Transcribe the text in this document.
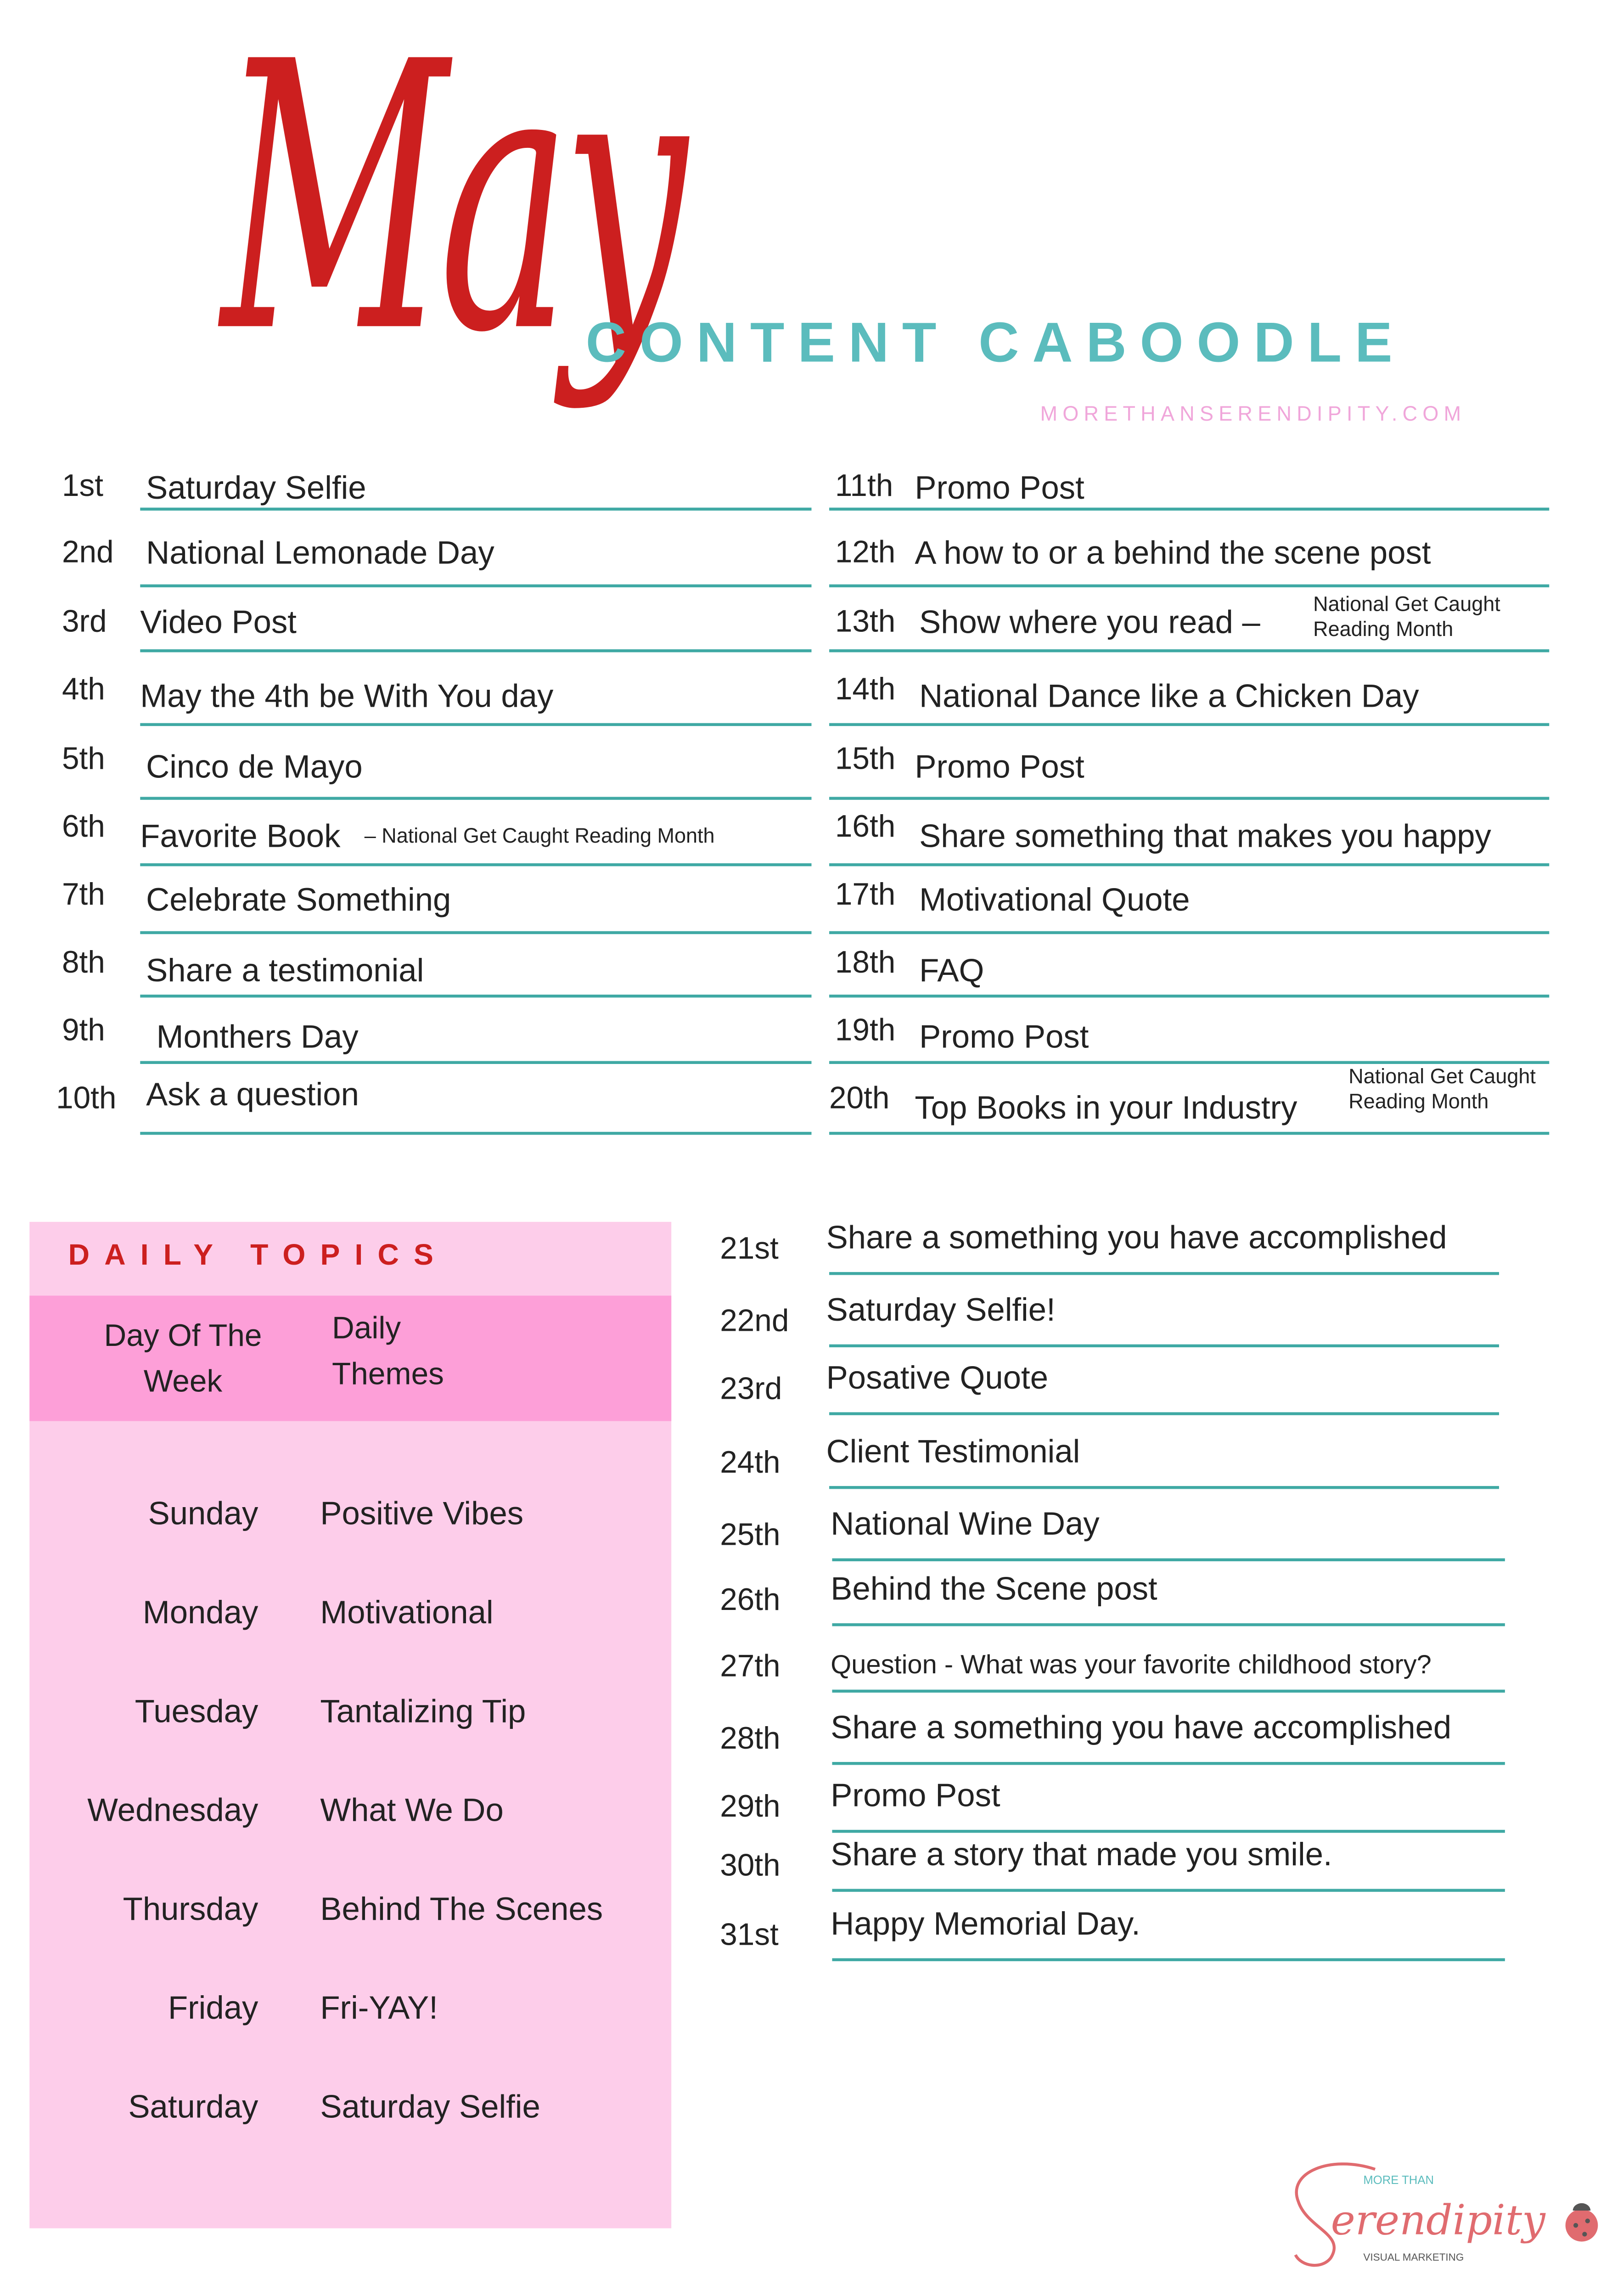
May
CONTENT CABOODLE
MORETHANSERENDIPITY.COM
1st	Saturday Selfie
2nd	National Lemonade Day
3rd	Video Post
4th	May the 4th be With You day
5th	Cinco de Mayo
6th	Favorite Book	– National Get Caught Reading Month
7th	Celebrate Something
8th	Share a testimonial
9th	Monthers Day
10th	Ask a question
11th Promo Post
12th A how to or a behind the scene post
13th Show where you read –
National Get Caught Reading Month
14th National Dance like a Chicken Day
15th Promo Post
16th Share something that makes you happy
17th Motivational Quote
18th FAQ
19th Promo Post
20th	Top Books in your Industry
National Get Caught Reading Month
DAILY TOPICS
Day Of The Week
Daily Themes
Sunday	Positive Vibes
Monday	Motivational
Tuesday	Tantalizing Tip
Wednesday	What We Do
Thursday	Behind The Scenes
Friday	Fri-YAY!
Saturday	Saturday Selfie
21st	Share a something you have accomplished
22nd	Saturday Selfie!
23rd	Posative Quote
24th	Client Testimonial
25th	National Wine Day
26th	Behind the Scene post
27th	Question - What was your favorite childhood story?
28th	Share a something you have accomplished
29th	Promo Post
30th	Share a story that made you smile.
31st	Happy Memorial Day.
MORE THAN
erendipity
VISUAL MARKETING
